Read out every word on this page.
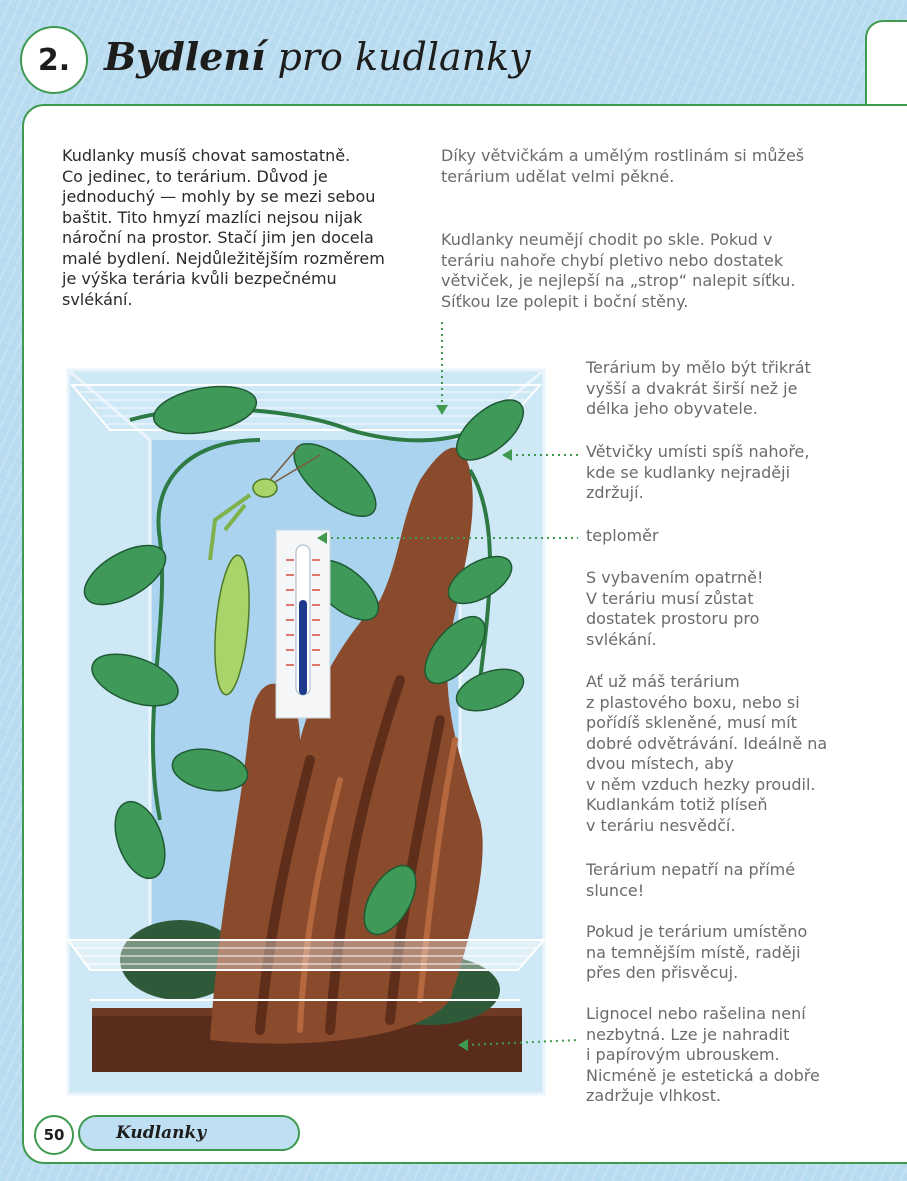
2. Bydlení pro kudlanky
Kudlanky musíš chovat samostatně.
Co jedinec, to terárium. Důvod je
jednoduchý — mohly by se mezi sebou
baštit. Tito hmyzí mazlíci nejsou nijak
nároční na prostor. Stačí jim jen docela
malé bydlení. Nejdůležitějším rozměrem
je výška terária kvůli bezpečnému
svlékání.
Díky větvičkám a umělým rostlinám si můžeš
terárium udělat velmi pěkné.
Kudlanky neumějí chodit po skle. Pokud v
teráriu nahoře chybí pletivo nebo dostatek
větviček, je nejlepší na „strop“ nalepit síťku.
Síťkou lze polepit i boční stěny.
Terárium by mělo být třikrát
vyšší a dvakrát širší než je
délka jeho obyvatele.
Větvičky umísti spíš nahoře,
kde se kudlanky nejraději
zdržují.
teploměr
S vybavením opatrně!
V teráriu musí zůstat
dostatek prostoru pro
svlékání.
Ať už máš terárium
z plastového boxu, nebo si
pořídíš skleněné, musí mít
dobré odvětrávání. Ideálně na
dvou místech, aby
v něm vzduch hezky proudil.
Kudlankám totiž plíseň
v teráriu nesvědčí.
Terárium nepatří na přímé
slunce!
Pokud je terárium umístěno
na temnějším místě, raději
přes den přisvěcuj.
Lignocel nebo rašelina není
nezbytná. Lze je nahradit
i papírovým ubrouskem.
Nicméně je estetická a dobře
zadržuje vlhkost.
50	Kudlanky
